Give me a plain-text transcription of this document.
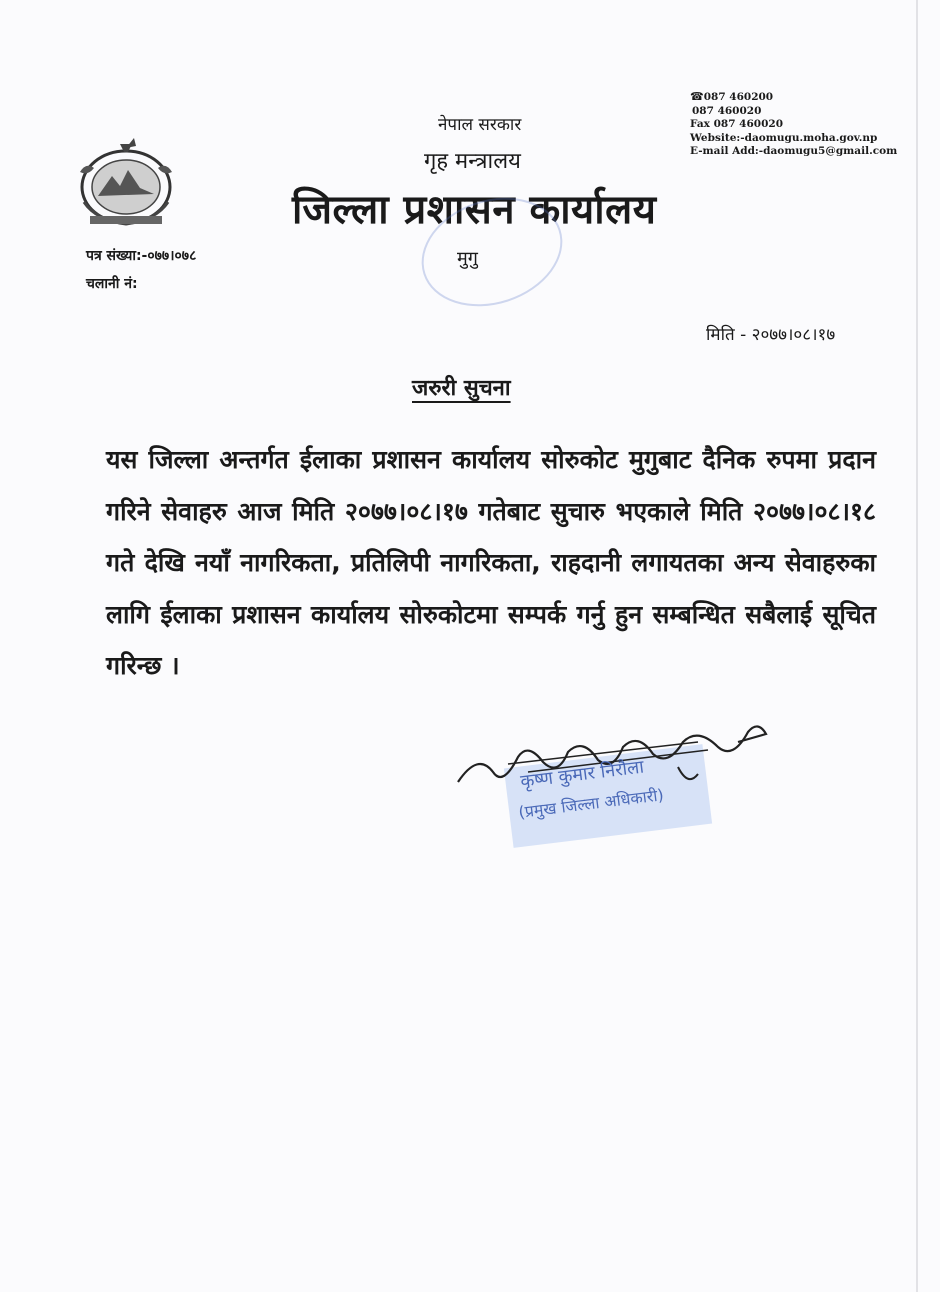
नेपाल सरकार
गृह मन्त्रालय
जिल्ला प्रशासन कार्यालय
मुगु
☎087 460200
087 460020
Fax 087 460020
Website:-daomugu.moha.gov.np
E-mail Add:-daomugu5@gmail.com
पत्र संख्या:-०७७।०७८
चलानी नं:
मिति - २०७७।०८।१७
जरुरी सुचना
यस जिल्ला अन्तर्गत ईलाका प्रशासन कार्यालय सोरुकोट मुगुबाट दैनिक रुपमा प्रदान गरिने सेवाहरु आज मिति २०७७।०८।१७ गतेबाट सुचारु भएकाले मिति २०७७।०८।१८ गते देखि नयाँ नागरिकता, प्रतिलिपी नागरिकता, राहदानी लगायतका अन्य सेवाहरुका लागि ईलाका प्रशासन कार्यालय सोरुकोटमा सम्पर्क गर्नु हुन सम्बन्धित सबैलाई सूचित गरिन्छ ।
कृष्ण कुमार निरौला
(प्रमुख जिल्ला अधिकारी)
